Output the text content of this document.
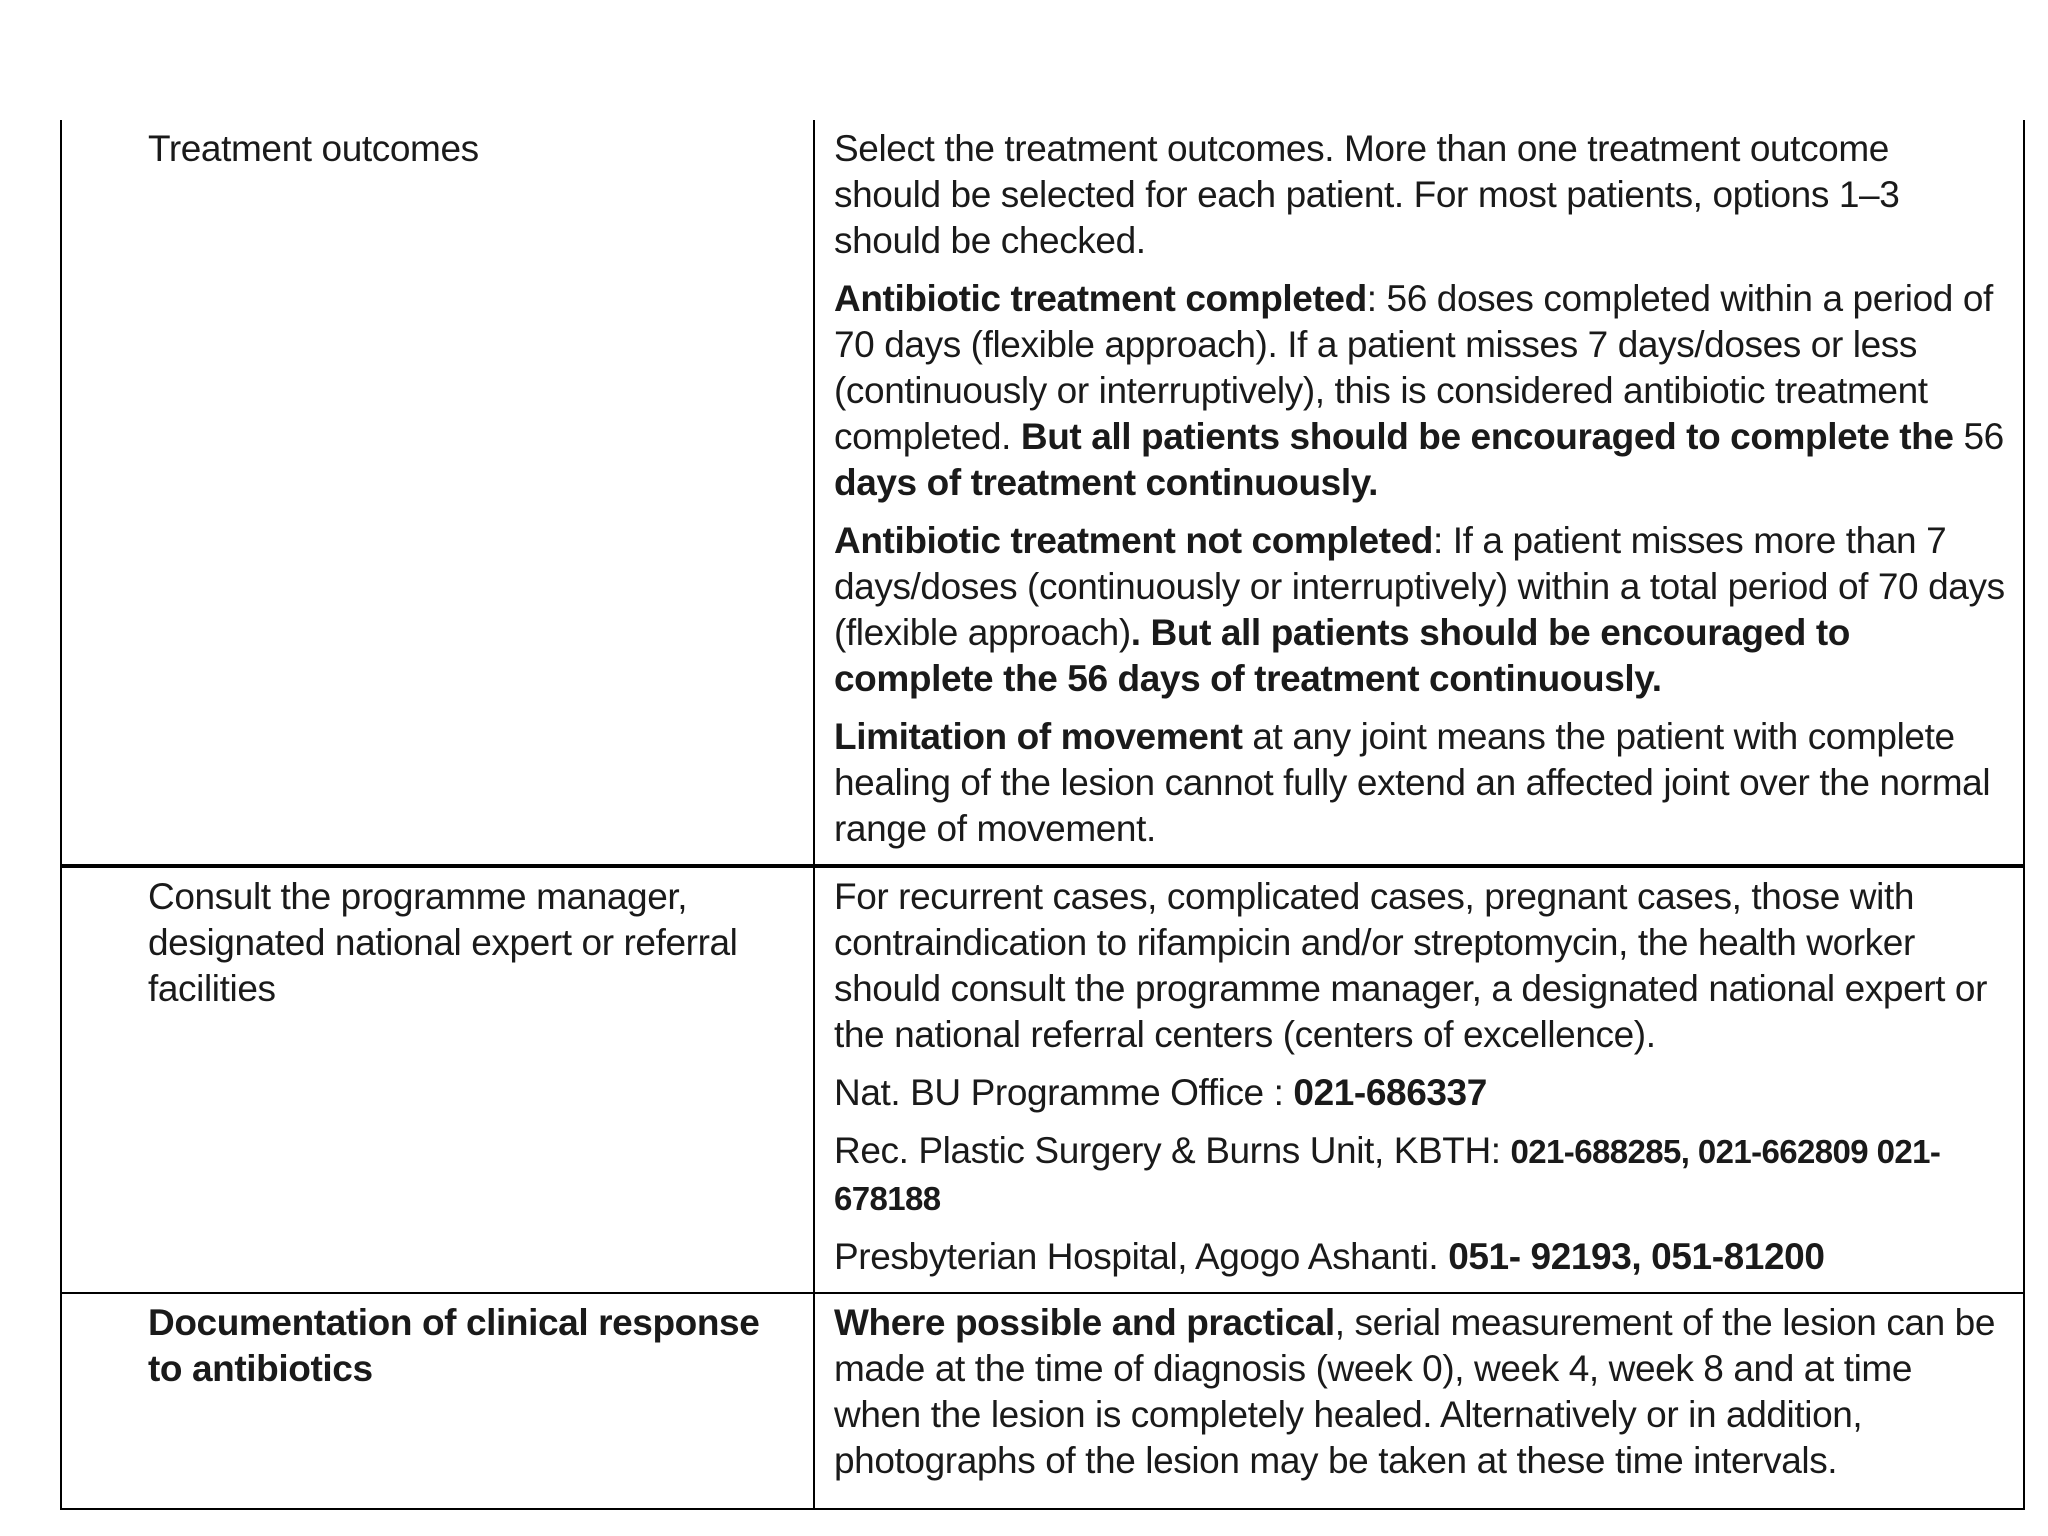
Treatment outcomes	Select the treatment outcomes. More than one treatment outcome should be selected for each patient. For most patients, options 1–3 should be checked.

Antibiotic treatment completed: 56 doses completed within a period of 70 days (flexible approach). If a patient misses 7 days/doses or less (continuously or interruptively), this is considered antibiotic treatment completed. But all patients should be encouraged to complete the 56 days of treatment continuously.

Antibiotic treatment not completed: If a patient misses more than 7 days/doses (continuously or interruptively) within a total period of 70 days (flexible approach). But all patients should be encouraged to complete the 56 days of treatment continuously.

Limitation of movement at any joint means the patient with complete healing of the lesion cannot fully extend an affected joint over the normal range of movement.

Consult the programme manager, designated national expert or referral facilities	For recurrent cases, complicated cases, pregnant cases, those with contraindication to rifampicin and/or streptomycin, the health worker should consult the programme manager, a designated national expert or the national referral centers (centers of excellence).

Nat. BU Programme Office : 021-686337

Rec. Plastic Surgery & Burns Unit, KBTH: 021-688285, 021-662809 021-678188

Presbyterian Hospital, Agogo Ashanti. 051- 92193, 051-81200

Documentation of clinical response to antibiotics	Where possible and practical, serial measurement of the lesion can be made at the time of diagnosis (week 0), week 4, week 8 and at time when the lesion is completely healed. Alternatively or in addition, photographs of the lesion may be taken at these time intervals.
